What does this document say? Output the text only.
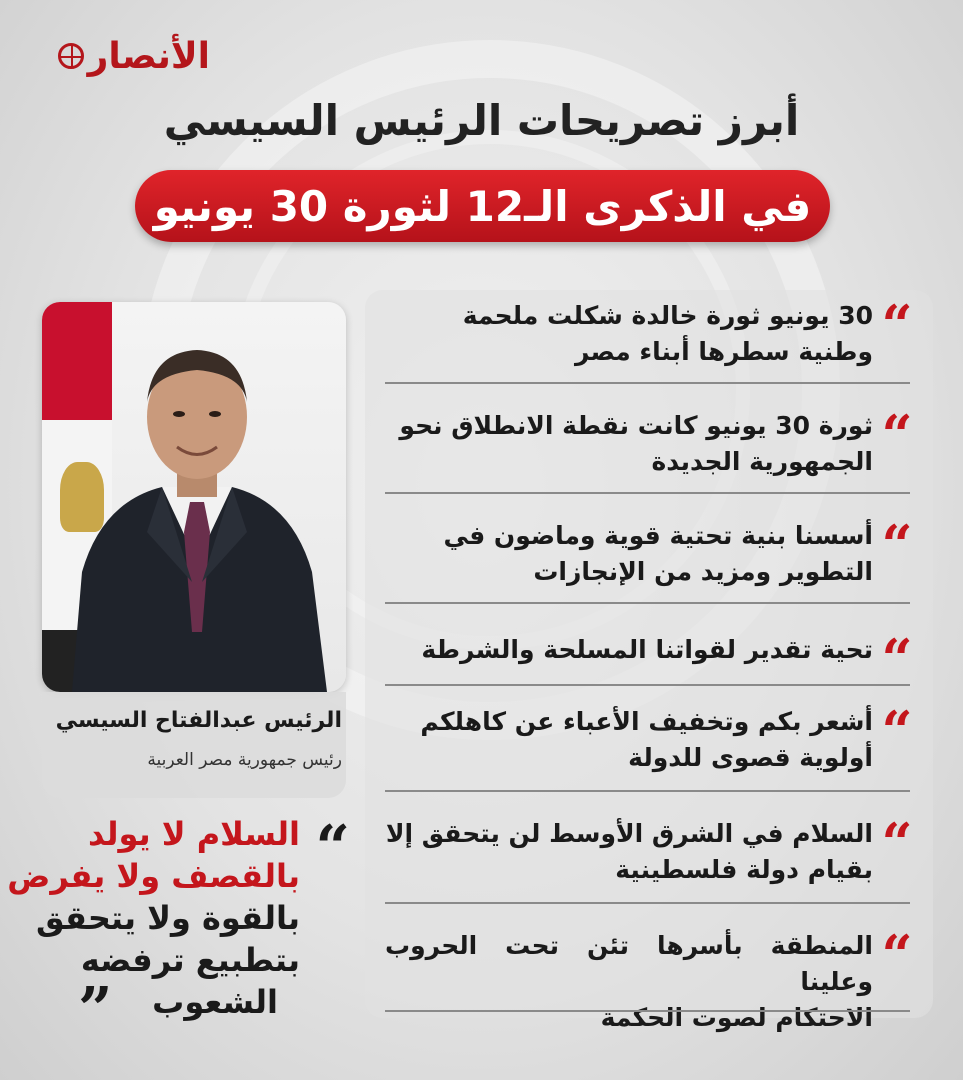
الأنصار
أبرز تصريحات الرئيس السيسي
في الذكرى الـ12 لثورة 30 يونيو
“
30 يونيو ثورة خالدة شكلت ملحمة
وطنية سطرها أبناء مصر
“
ثورة 30 يونيو كانت نقطة الانطلاق نحو
الجمهورية الجديدة
“
أسسنا بنية تحتية قوية وماضون في
التطوير ومزيد من الإنجازات
“
تحية تقدير لقواتنا المسلحة والشرطة
“
أشعر بكم وتخفيف الأعباء عن كاهلكم
أولوية قصوى للدولة
“
السلام في الشرق الأوسط لن يتحقق إلا
بقيام دولة فلسطينية
“
المنطقة بأسرها تئن تحت الحروب وعلينا
الاحتكام لصوت الحكمة
الرئيس عبدالفتاح السيسي
رئيس جمهورية مصر العربية
“
السلام لا يولد
بالقصف ولا يفرض
بالقوة ولا يتحقق
بتطبيع ترفضه
الشعوب
”
